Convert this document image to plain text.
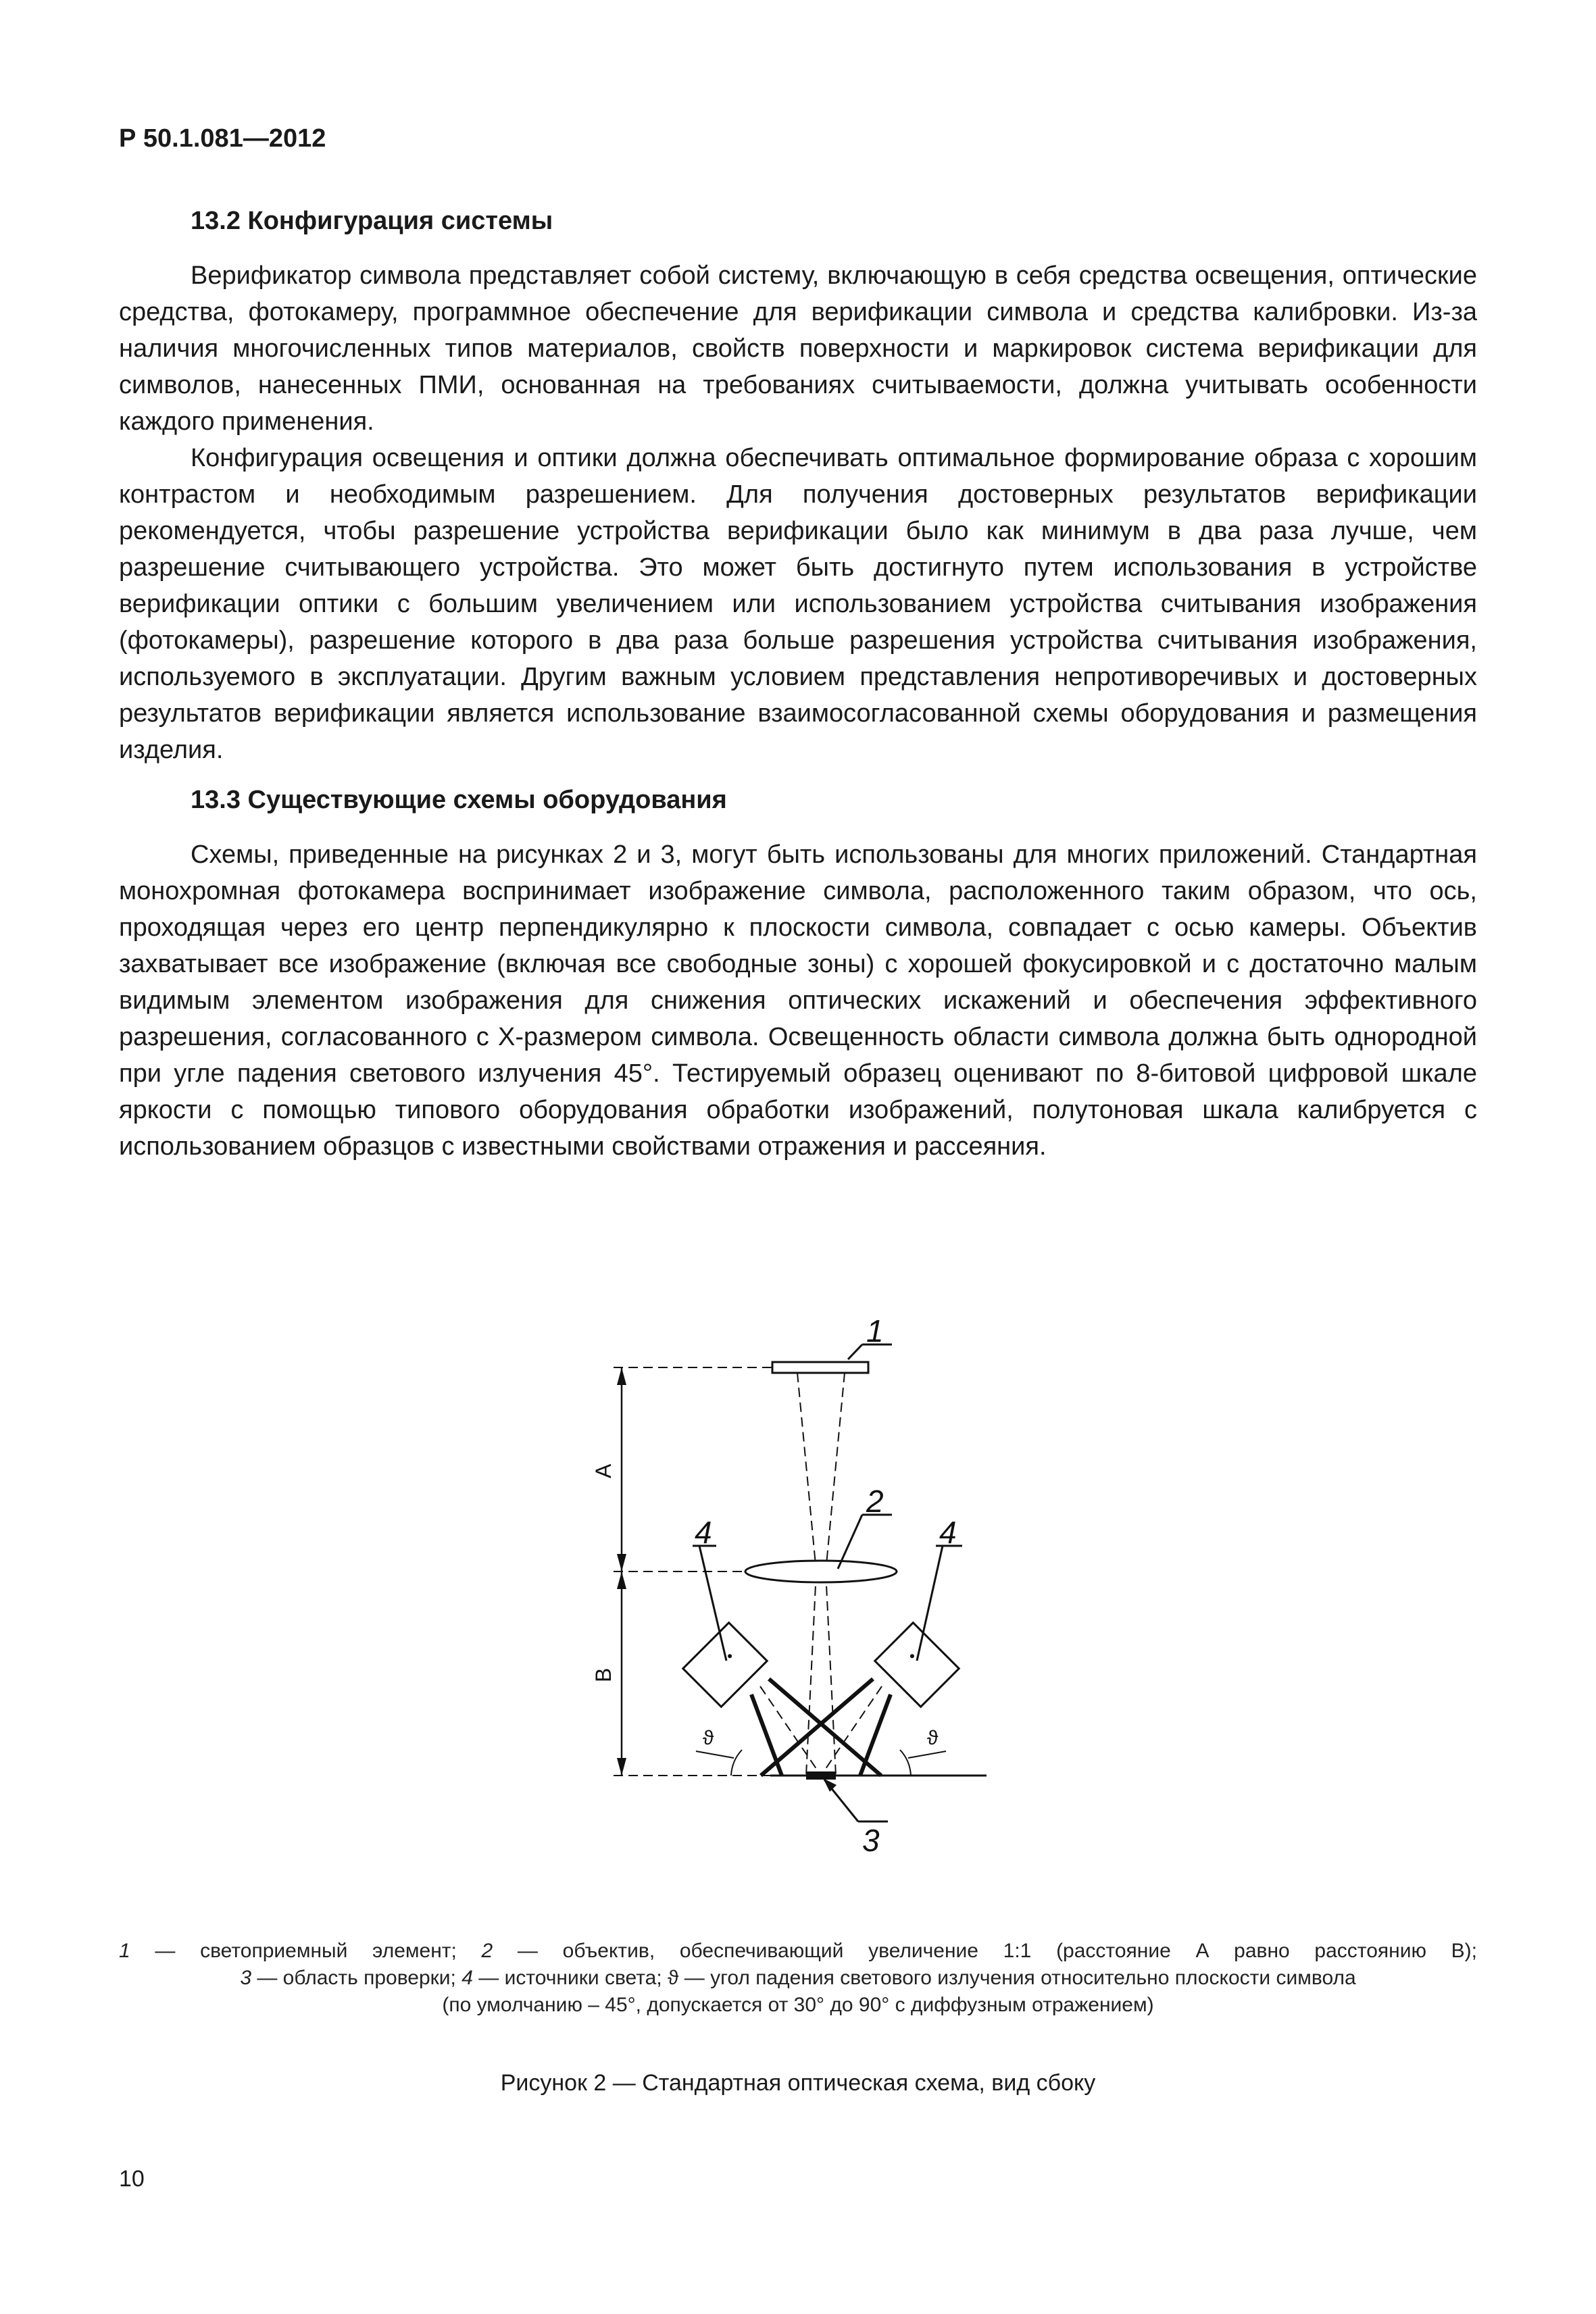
Р 50.1.081—2012
13.2 Конфигурация системы

Верификатор символа представляет собой систему, включающую в себя средства освещения, оптические средства, фотокамеру, программное обеспечение для верификации символа и средства калибровки. Из-за наличия многочисленных типов материалов, свойств поверхности и маркировок система верификации для символов, нанесенных ПМИ, основанная на требованиях считываемости, должна учитывать особенности каждого применения.

Конфигурация освещения и оптики должна обеспечивать оптимальное формирование образа с хорошим контрастом и необходимым разрешением. Для получения достоверных результатов верификации рекомендуется, чтобы разрешение устройства верификации было как минимум в два раза лучше, чем разрешение считывающего устройства. Это может быть достигнуто путем использования в устройстве верификации оптики с большим увеличением или использованием устройства считывания изображения (фотокамеры), разрешение которого в два раза больше разрешения устройства считывания изображения, используемого в эксплуатации. Другим важным условием представления непротиворечивых и достоверных результатов верификации является использование взаимосогласованной схемы оборудования и размещения изделия.

13.3 Существующие схемы оборудования

Схемы, приведенные на рисунках 2 и 3, могут быть использованы для многих приложений. Стандартная монохромная фотокамера воспринимает изображение символа, расположенного таким образом, что ось, проходящая через его центр перпендикулярно к плоскости символа, совпадает с осью камеры. Объектив захватывает все изображение (включая все свободные зоны) с хорошей фокусировкой и с достаточно малым видимым элементом изображения для снижения оптических искажений и обеспечения эффективного разрешения, согласованного с X-размером символа. Освещенность области символа должна быть однородной при угле падения светового излучения 45°. Тестируемый образец оценивают по 8-битовой цифровой шкале яркости с помощью типового оборудования обработки изображений, полутоновая шкала калибруется с использованием образцов с известными свойствами отражения и рассеяния.

1
2
3
4	4
А
В
ϑ	ϑ
1 — светоприемный элемент; 2 — объектив, обеспечивающий увеличение 1:1 (расстояние А равно расстоянию В);
3 — область проверки; 4 — источники света; ϑ — угол падения светового излучения относительно плоскости символа
(по умолчанию – 45°, допускается от 30° до 90° с диффузным отражением)
Рисунок 2 — Стандартная оптическая схема, вид сбоку
10
